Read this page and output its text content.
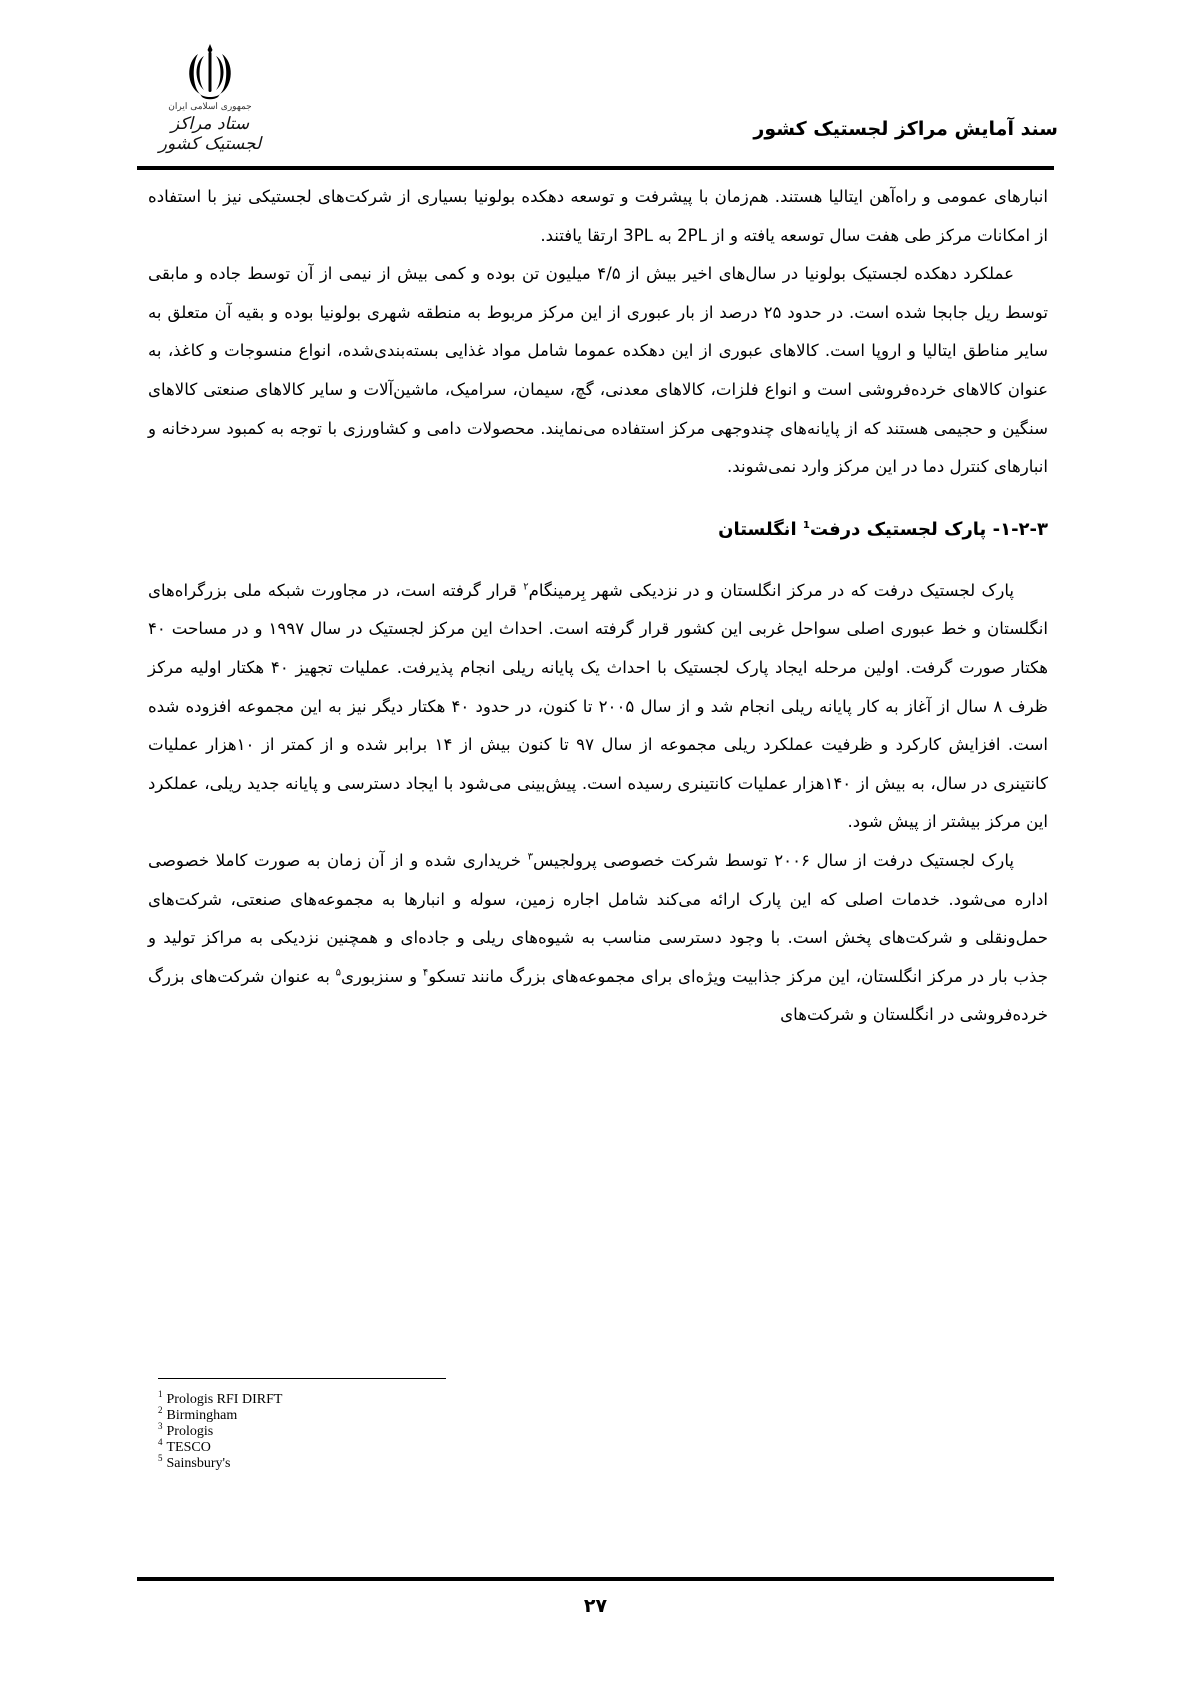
جمهوری اسلامی ایران
ستاد مراکز لجستیک کشور
سند آمایش مراکز لجستیک کشور

انبارهای عمومی و راه‌آهن ایتالیا هستند. هم‌زمان با پیشرفت و توسعه دهکده بولونیا بسیاری از شرکت‌های لجستیکی نیز با استفاده از امکانات مرکز طی هفت سال توسعه یافته و از 2PL به 3PL ارتقا یافتند.

عملکرد دهکده لجستیک بولونیا در سال‌های اخیر بیش از ۴/۵ میلیون تن بوده و کمی بیش از نیمی از آن توسط جاده و مابقی توسط ریل جابجا شده است. در حدود ۲۵ درصد از بار عبوری از این مرکز مربوط به منطقه شهری بولونیا بوده و بقیه آن متعلق به سایر مناطق ایتالیا و اروپا است. کالاهای عبوری از این دهکده عموما شامل مواد غذایی بسته‌بندی‌شده، انواع منسوجات و کاغذ، به عنوان کالاهای خرده‌فروشی است و انواع فلزات، کالاهای معدنی، گچ، سیمان، سرامیک، ماشین‌آلات و سایر کالاهای صنعتی کالاهای سنگین و حجیمی هستند که از پایانه‌های چندوجهی مرکز استفاده می‌نمایند. محصولات دامی و کشاورزی با توجه به کمبود سردخانه و انبارهای کنترل دما در این مرکز وارد نمی‌شوند.

۱-۲-۳- پارک لجستیک درفت$^1$ انگلستان

پارک لجستیک درفت که در مرکز انگلستان و در نزدیکی شهر بِرمینگام$^۲$ قرار گرفته است، در مجاورت شبکه ملی بزرگراه‌های انگلستان و خط عبوری اصلی سواحل غربی این کشور قرار گرفته است. احداث این مرکز لجستیک در سال ۱۹۹۷ و در مساحت ۴۰ هکتار صورت گرفت. اولین مرحله ایجاد پارک لجستیک با احداث یک پایانه ریلی انجام پذیرفت. عملیات تجهیز ۴۰ هکتار اولیه مرکز ظرف ۸ سال از آغاز به کار پایانه ریلی انجام شد و از سال ۲۰۰۵ تا کنون، در حدود ۴۰ هکتار دیگر نیز به این مجموعه افزوده شده است. افزایش کارکرد و ظرفیت عملکرد ریلی مجموعه از سال ۹۷ تا کنون بیش از ۱۴ برابر شده و از کمتر از ۱۰هزار عملیات کانتینری در سال، به بیش از ۱۴۰هزار عملیات کانتینری رسیده است. پیش‌بینی می‌شود با ایجاد دسترسی و پایانه جدید ریلی، عملکرد این مرکز بیشتر از پیش شود.

پارک لجستیک درفت از سال ۲۰۰۶ توسط شرکت خصوصی پرولجیس$^۳$ خریداری شده و از آن زمان به صورت کاملا خصوصی اداره می‌شود. خدمات اصلی که این پارک ارائه می‌کند شامل اجاره زمین، سوله و انبارها به مجموعه‌های صنعتی، شرکت‌های حمل‌ونقلی و شرکت‌های پخش است. با وجود دسترسی مناسب به شیوه‌های ریلی و جاده‌ای و همچنین نزدیکی به مراکز تولید و جذب بار در مرکز انگلستان، این مرکز جذابیت ویژه‌ای برای مجموعه‌های بزرگ مانند تسکو$^۴$ و سنزبوری$^۵$ به عنوان شرکت‌های بزرگ خرده‌فروشی در انگلستان و شرکت‌های

$^1$ Prologis RFI DIRFT
$^2$ Birmingham
$^3$ Prologis
$^4$ TESCO
$^5$ Sainsbury's
۲۷
